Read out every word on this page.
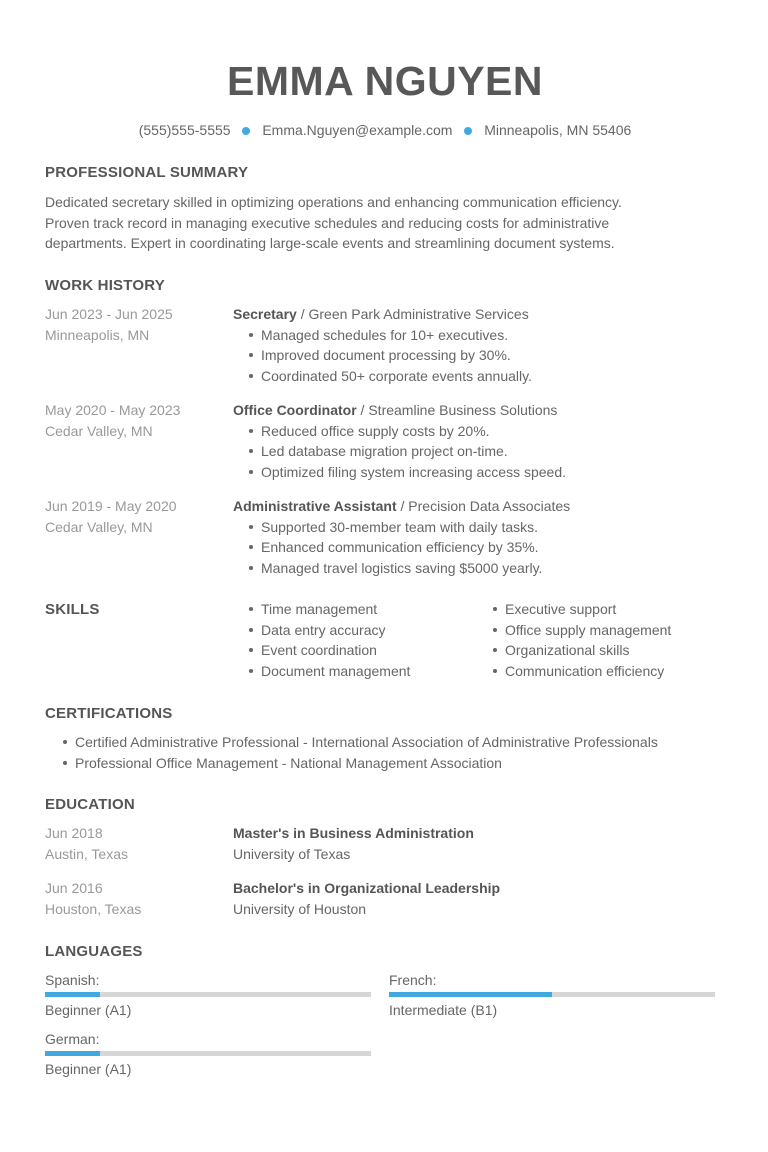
EMMA NGUYEN
(555)555-5555 Emma.Nguyen@example.com Minneapolis, MN 55406
PROFESSIONAL SUMMARY
Dedicated secretary skilled in optimizing operations and enhancing communication efficiency.
Proven track record in managing executive schedules and reducing costs for administrative
departments. Expert in coordinating large-scale events and streamlining document systems.
WORK HISTORY
Jun 2023 - Jun 2025
Minneapolis, MN
Secretary / Green Park Administrative Services
Managed schedules for 10+ executives.
Improved document processing by 30%.
Coordinated 50+ corporate events annually.
May 2020 - May 2023
Cedar Valley, MN
Office Coordinator / Streamline Business Solutions
Reduced office supply costs by 20%.
Led database migration project on-time.
Optimized filing system increasing access speed.
Jun 2019 - May 2020
Cedar Valley, MN
Administrative Assistant / Precision Data Associates
Supported 30-member team with daily tasks.
Enhanced communication efficiency by 35%.
Managed travel logistics saving $5000 yearly.
SKILLS	Time management
Data entry accuracy
Event coordination
Document management
Executive support
Office supply management
Organizational skills
Communication efficiency
CERTIFICATIONS
Certified Administrative Professional - International Association of Administrative Professionals
Professional Office Management - National Management Association
EDUCATION
Jun 2018
Austin, Texas
Master's in Business Administration
University of Texas
Jun 2016
Houston, Texas
Bachelor's in Organizational Leadership
University of Houston
LANGUAGES
Spanish:
Beginner (A1)
French:
Intermediate (B1)
German:
Beginner (A1)
